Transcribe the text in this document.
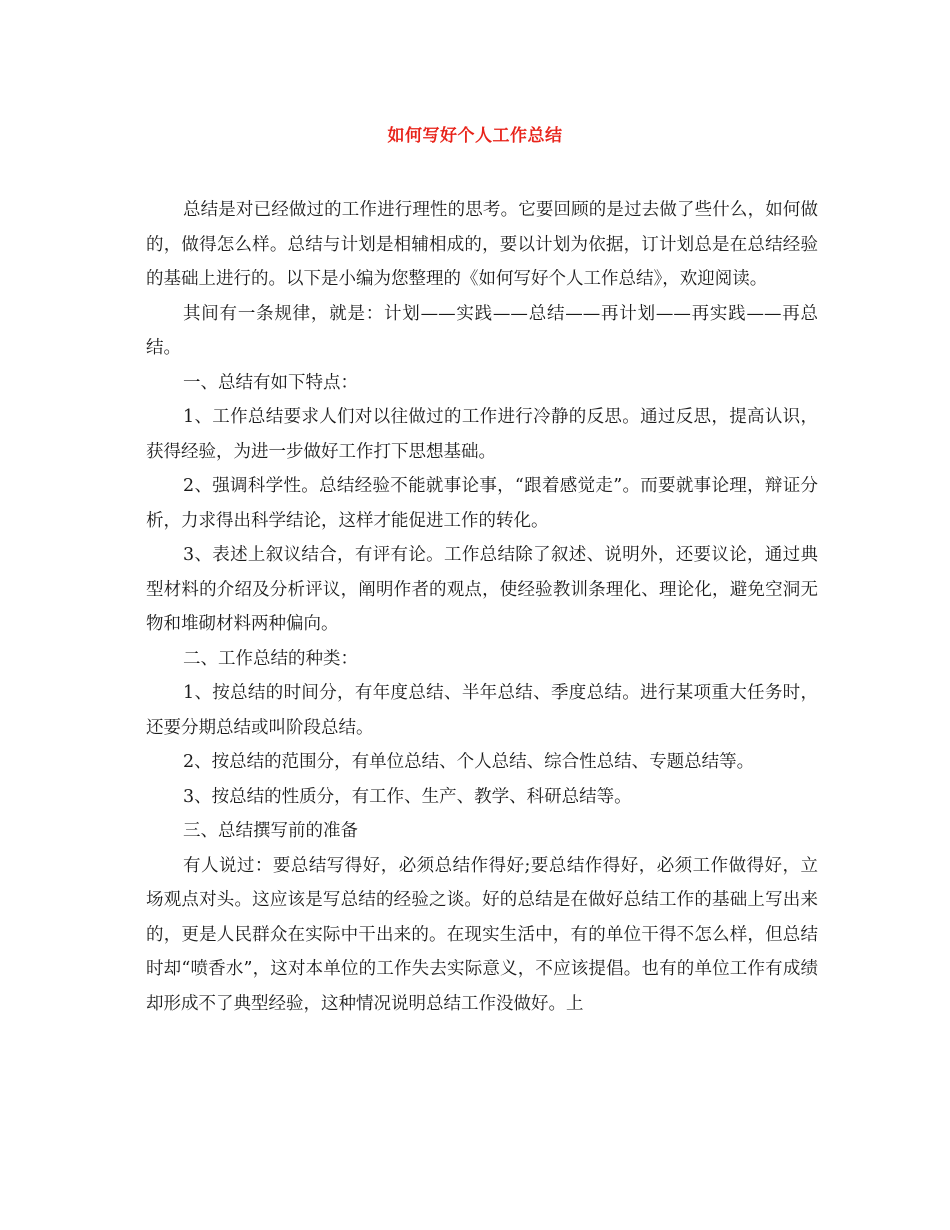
如何写好个人工作总结

总结是对已经做过的工作进行理性的思考。它要回顾的是过去做了些什么，如何做的，做得怎么样。总结与计划是相辅相成的，要以计划为依据，订计划总是在总结经验的基础上进行的。以下是小编为您整理的《如何写好个人工作总结》，欢迎阅读。

其间有一条规律，就是：计划——实践——总结——再计划——再实践——再总结。

一、总结有如下特点：

1、工作总结要求人们对以往做过的工作进行冷静的反思。通过反思，提高认识，获得经验，为进一步做好工作打下思想基础。

2、强调科学性。总结经验不能就事论事，“跟着感觉走”。而要就事论理，辩证分析，力求得出科学结论，这样才能促进工作的转化。

3、表述上叙议结合，有评有论。工作总结除了叙述、说明外，还要议论，通过典型材料的介绍及分析评议，阐明作者的观点，使经验教训条理化、理论化，避免空洞无物和堆砌材料两种偏向。

二、工作总结的种类：

1、按总结的时间分，有年度总结、半年总结、季度总结。进行某项重大任务时，还要分期总结或叫阶段总结。

2、按总结的范围分，有单位总结、个人总结、综合性总结、专题总结等。

3、按总结的性质分，有工作、生产、教学、科研总结等。

三、总结撰写前的准备

有人说过：要总结写得好，必须总结作得好;要总结作得好，必须工作做得好，立场观点对头。这应该是写总结的经验之谈。好的总结是在做好总结工作的基础上写出来的，更是人民群众在实际中干出来的。在现实生活中，有的单位干得不怎么样，但总结时却“喷香水”，这对本单位的工作失去实际意义，不应该提倡。也有的单位工作有成绩却形成不了典型经验，这种情况说明总结工作没做好。上
